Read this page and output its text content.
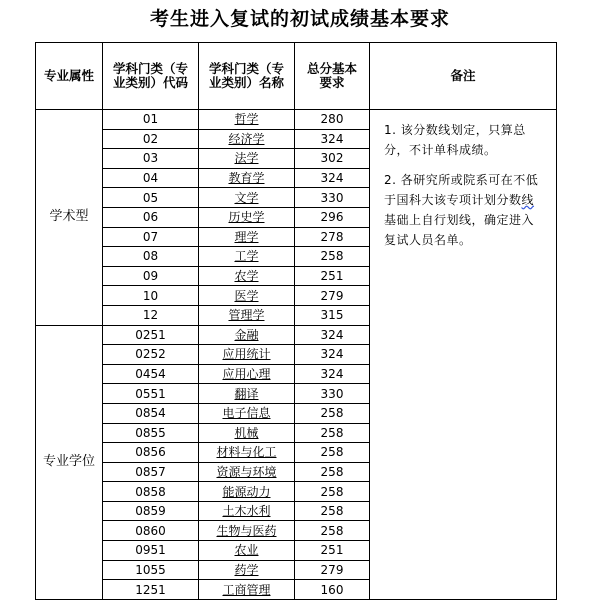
考生进入复试的初试成绩基本要求
专业属性	学科门类（专业类别）代码	学科门类（专业类别）名称	总分基本要求	备注
学术型	01	哲学	280	1. 该分数线划定，只算总分，不计单科成绩。

2. 各研究所或院系可在不低于国科大该专项计划分数线基础上自行划线，确定进入复试人员名单。

	02	经济学	324	
	03	法学	302	
	04	教育学	324	
	05	文学	330	
	06	历史学	296	
	07	理学	278	
	08	工学	258	
	09	农学	251	
	10	医学	279	
	12	管理学	315	
专业学位	0251	金融	324	
	0252	应用统计	324	
	0454	应用心理	324	
	0551	翻译	330	
	0854	电子信息	258	
	0855	机械	258	
	0856	材料与化工	258	
	0857	资源与环境	258	
	0858	能源动力	258	
	0859	土木水利	258	
	0860	生物与医药	258	
	0951	农业	251	
	1055	药学	279	
	1251	工商管理	160	
